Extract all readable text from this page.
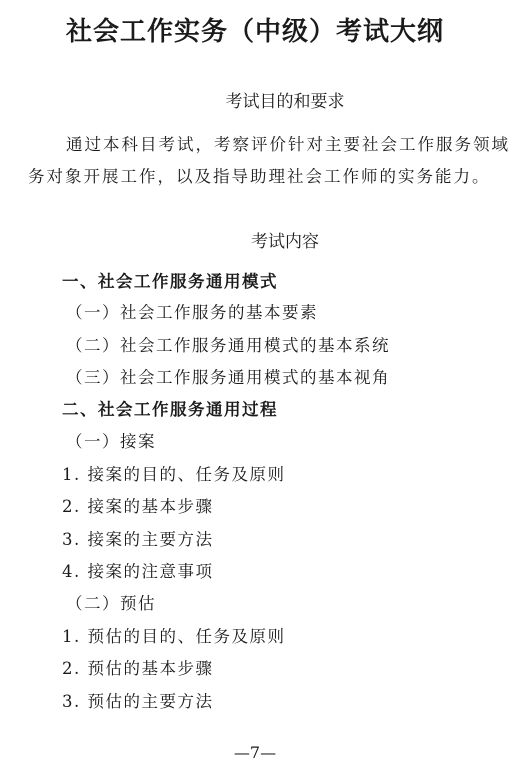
社会工作实务（中级）考试大纲

考试目的和要求

通过本科目考试，考察评价针对主要社会工作服务领域

务对象开展工作，以及指导助理社会工作师的实务能力。

考试内容

一、社会工作服务通用模式

（一）社会工作服务的基本要素

（二）社会工作服务通用模式的基本系统

（三）社会工作服务通用模式的基本视角

二、社会工作服务通用过程

（一）接案

1. 接案的目的、任务及原则

2. 接案的基本步骤

3. 接案的主要方法

4. 接案的注意事项

（二）预估

1. 预估的目的、任务及原则

2. 预估的基本步骤

3. 预估的主要方法

—7—
